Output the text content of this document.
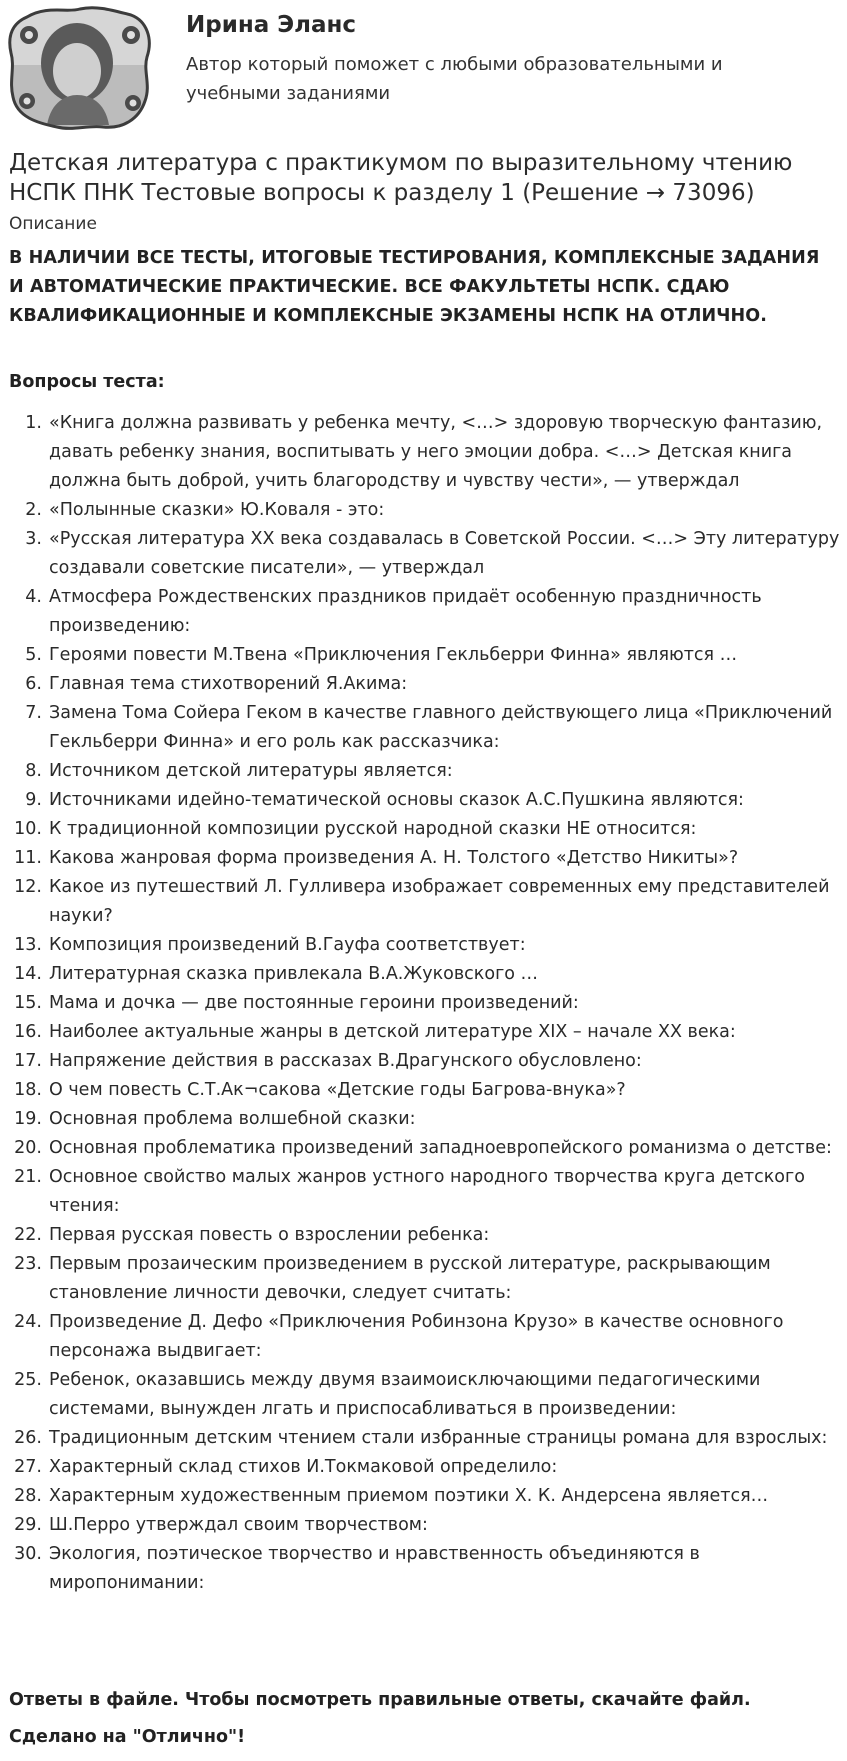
Ирина Эланс
Автор который поможет с любыми образовательными и учебными заданиями
Детская литература с практикумом по выразительному чтению НСПК ПНК Тестовые вопросы к разделу 1 (Решение → 73096)
Описание
В НАЛИЧИИ ВСЕ ТЕСТЫ, ИТОГОВЫЕ ТЕСТИРОВАНИЯ, КОМПЛЕКСНЫЕ ЗАДАНИЯ И АВТОМАТИЧЕСКИЕ ПРАКТИЧЕСКИЕ. ВСЕ ФАКУЛЬТЕТЫ НСПК. СДАЮ КВАЛИФИКАЦИОННЫЕ И КОМПЛЕКСНЫЕ ЭКЗАМЕНЫ НСПК НА ОТЛИЧНО.
Вопросы теста:
1. «Книга должна развивать у ребенка мечту, <…> здоровую творческую фантазию, давать ребенку знания, воспитывать у него эмоции добра. <…> Детская книга должна быть доброй, учить благородству и чувству чести», — утверждал
2. «Полынные сказки» Ю.Коваля - это:
3. «Русская литература XX века создавалась в Советской России. <…> Эту литературу создавали советские писатели», — утверждал
4. Атмосфера Рождественских праздников придаёт особенную праздничность произведению:
5. Героями повести М.Твена «Приключения Гекльберри Финна» являются …
6. Главная тема стихотворений Я.Акима:
7. Замена Тома Сойера Геком в качестве главного действующего лица «Приключений Гекльберри Финна» и его роль как рассказчика:
8. Источником детской литературы является:
9. Источниками идейно-тематической основы сказок А.С.Пушкина являются:
10. К традиционной композиции русской народной сказки НЕ относится:
11. Какова жанровая форма произведения А. Н. Толстого «Детство Никиты»?
12. Какое из путешествий Л. Гулливера изображает современных ему представителей науки?
13. Композиция произведений В.Гауфа соответствует:
14. Литературная сказка привлекала В.А.Жуковского …
15. Мама и дочка — две постоянные героини произведений:
16. Наиболее актуальные жанры в детской литературе XIX – начале XX века:
17. Напряжение действия в рассказах В.Драгунского обусловлено:
18. О чем повесть С.Т.Ак¬сакова «Детские годы Багрова-внука»?
19. Основная проблема волшебной сказки:
20. Основная проблематика произведений западноевропейского романизма о детстве:
21. Основное свойство малых жанров устного народного творчества круга детского чтения:
22. Первая русская повесть о взрослении ребенка:
23. Первым прозаическим произведением в русской литературе, раскрывающим становление личности девочки, следует считать:
24. Произведение Д. Дефо «Приключения Робинзона Крузо» в качестве основного персонажа выдвигает:
25. Ребенок, оказавшись между двумя взаимоисключающими педагогическими системами, вынужден лгать и приспосабливаться в произведении:
26. Традиционным детским чтением стали избранные страницы романа для взрослых:
27. Характерный склад стихов И.Токмаковой определило:
28. Характерным художественным приемом поэтики Х. К. Андерсена является…
29. Ш.Перро утверждал своим творчеством:
30. Экология, поэтическое творчество и нравственность объединяются в миропонимании:
Ответы в файле. Чтобы посмотреть правильные ответы, скачайте файл.
Сделано на "Отлично"!
